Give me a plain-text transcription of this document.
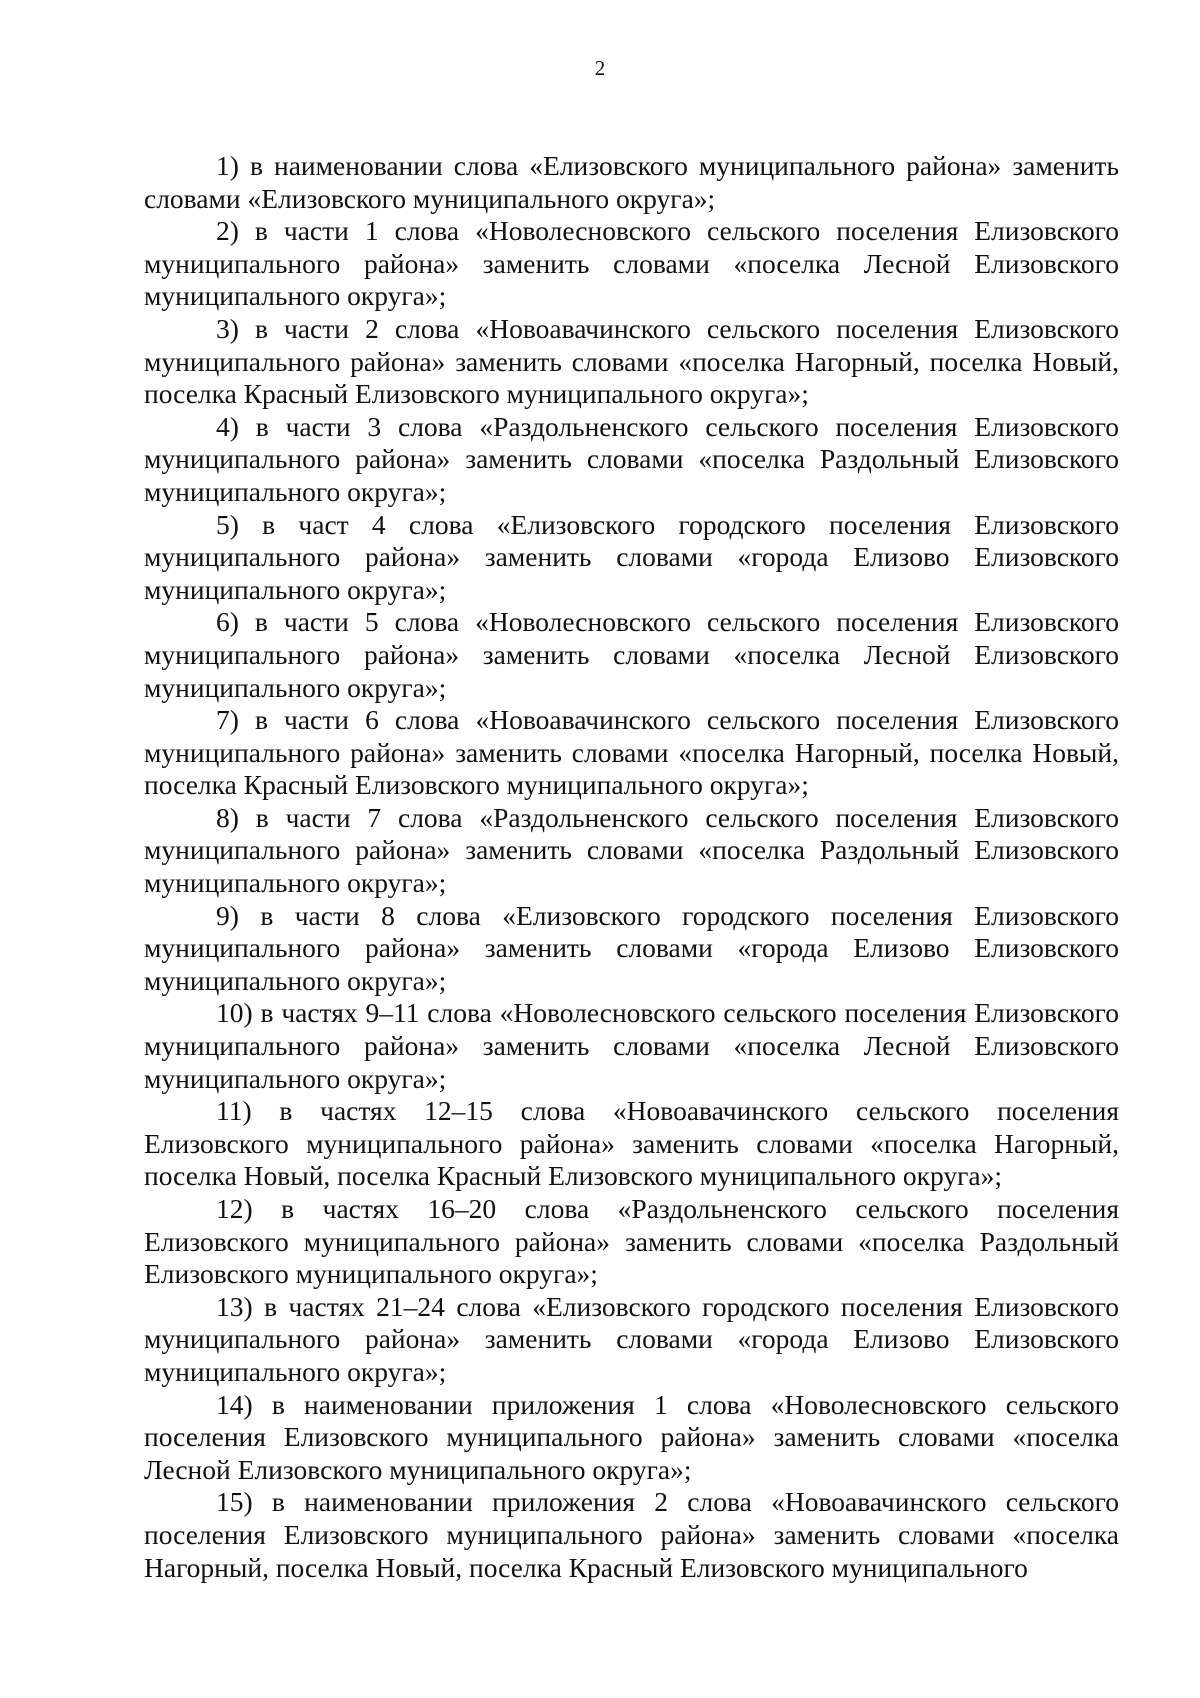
2

1) в наименовании слова «Елизовского муниципального района» заменить словами «Елизовского муниципального округа»;

2) в части 1 слова «Новолесновского сельского поселения Елизовского муниципального района» заменить словами «поселка Лесной Елизовского муниципального округа»;

3) в части 2 слова «Новоавачинского сельского поселения Елизовского муниципального района» заменить словами «поселка Нагорный, поселка Новый, поселка Красный Елизовского муниципального округа»;

4) в части 3 слова «Раздольненского сельского поселения Елизовского муниципального района» заменить словами «поселка Раздольный Елизовского муниципального округа»;

5) в част 4 слова «Елизовского городского поселения Елизовского муниципального района» заменить словами «города Елизово Елизовского муниципального округа»;

6) в части 5 слова «Новолесновского сельского поселения Елизовского муниципального района» заменить словами «поселка Лесной Елизовского муниципального округа»;

7) в части 6 слова «Новоавачинского сельского поселения Елизовского муниципального района» заменить словами «поселка Нагорный, поселка Новый, поселка Красный Елизовского муниципального округа»;

8) в части 7 слова «Раздольненского сельского поселения Елизовского муниципального района» заменить словами «поселка Раздольный Елизовского муниципального округа»;

9) в части 8 слова «Елизовского городского поселения Елизовского муниципального района» заменить словами «города Елизово Елизовского муниципального округа»;

10) в частях 9–11 слова «Новолесновского сельского поселения Елизовского муниципального района» заменить словами «поселка Лесной Елизовского муниципального округа»;

11) в частях 12–15 слова «Новоавачинского сельского поселения Елизовского муниципального района» заменить словами «поселка Нагорный, поселка Новый, поселка Красный Елизовского муниципального округа»;

12) в частях 16–20 слова «Раздольненского сельского поселения Елизовского муниципального района» заменить словами «поселка Раздольный Елизовского муниципального округа»;

13) в частях 21–24 слова «Елизовского городского поселения Елизовского муниципального района» заменить словами «города Елизово Елизовского муниципального округа»;

14) в наименовании приложения 1 слова «Новолесновского сельского поселения Елизовского муниципального района» заменить словами «поселка Лесной Елизовского муниципального округа»;

15) в наименовании приложения 2 слова «Новоавачинского сельского поселения Елизовского муниципального района» заменить словами «поселка Нагорный, поселка Новый, поселка Красный Елизовского муниципального
